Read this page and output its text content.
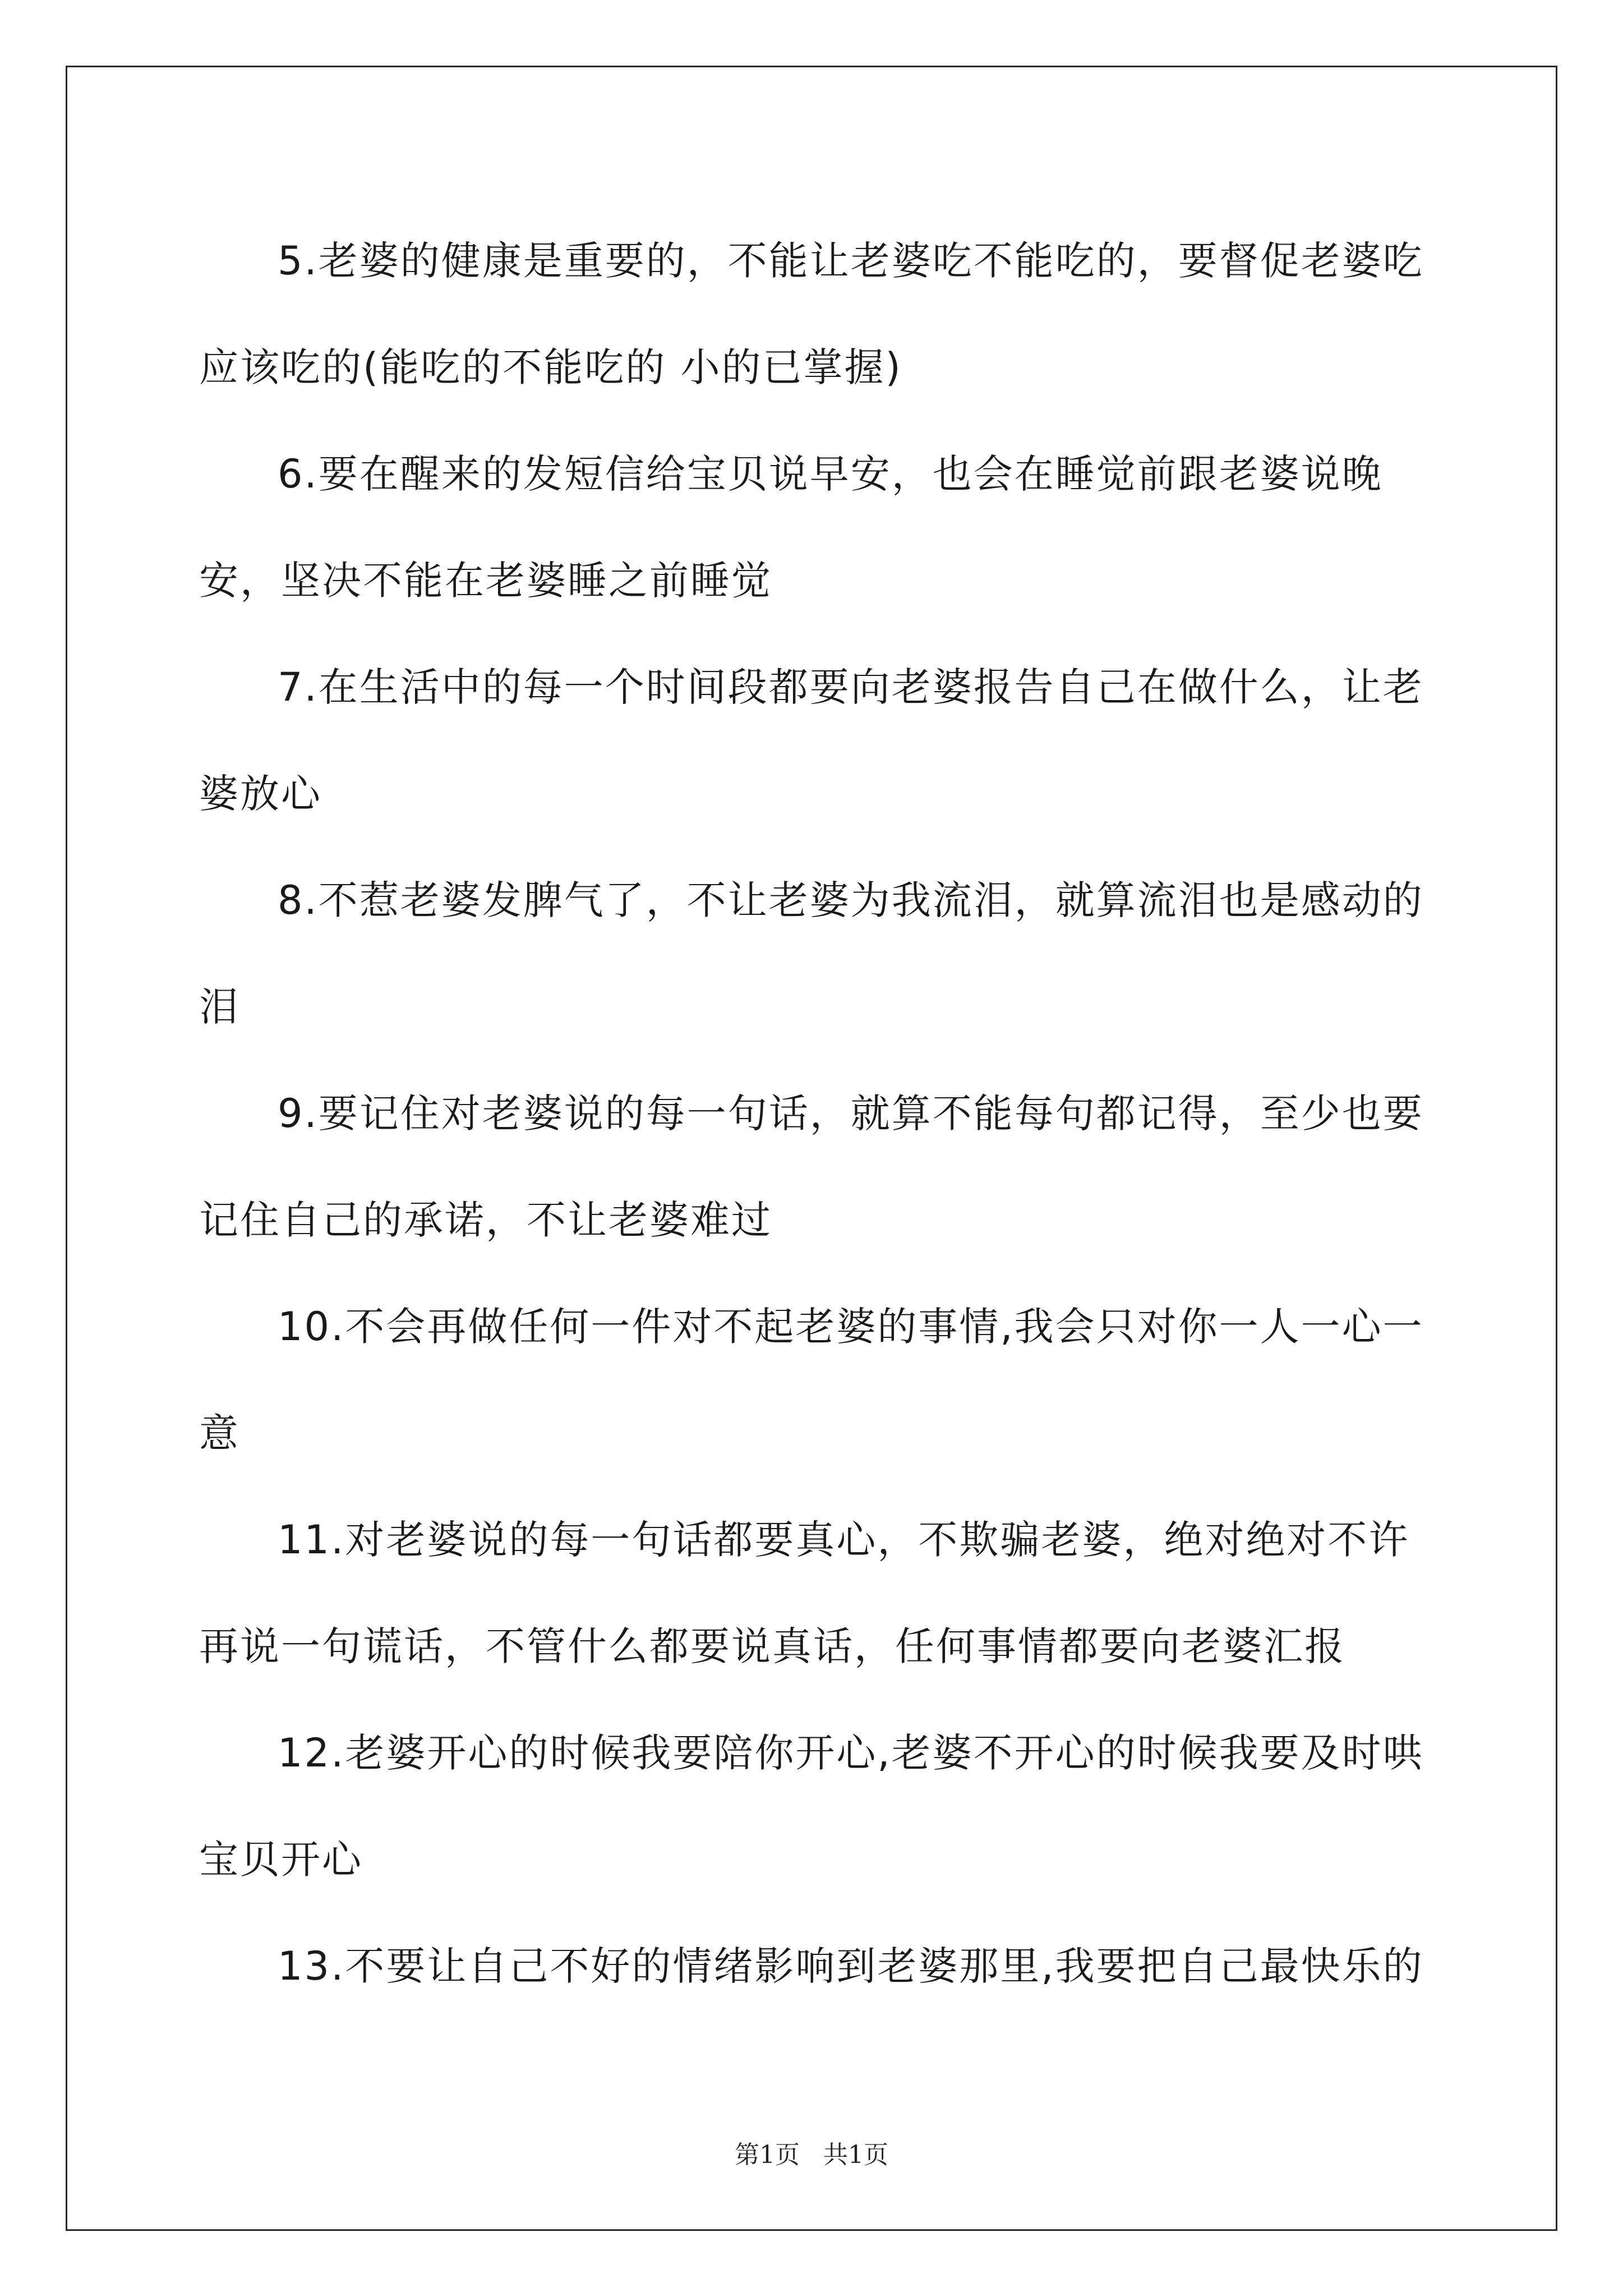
5.老婆的健康是重要的，不能让老婆吃不能吃的，要督促老婆吃应该吃的(能吃的不能吃的 小的已掌握)

6.要在醒来的发短信给宝贝说早安，也会在睡觉前跟老婆说晚安，坚决不能在老婆睡之前睡觉

7.在生活中的每一个时间段都要向老婆报告自己在做什么，让老婆放心

8.不惹老婆发脾气了，不让老婆为我流泪，就算流泪也是感动的泪

9.要记住对老婆说的每一句话，就算不能每句都记得，至少也要记住自己的承诺，不让老婆难过

10.不会再做任何一件对不起老婆的事情,我会只对你一人一心一意

11.对老婆说的每一句话都要真心，不欺骗老婆，绝对绝对不许再说一句谎话，不管什么都要说真话，任何事情都要向老婆汇报

12.老婆开心的时候我要陪你开心,老婆不开心的时候我要及时哄宝贝开心

13.不要让自己不好的情绪影响到老婆那里,我要把自己最快乐的

第1页 共1页
